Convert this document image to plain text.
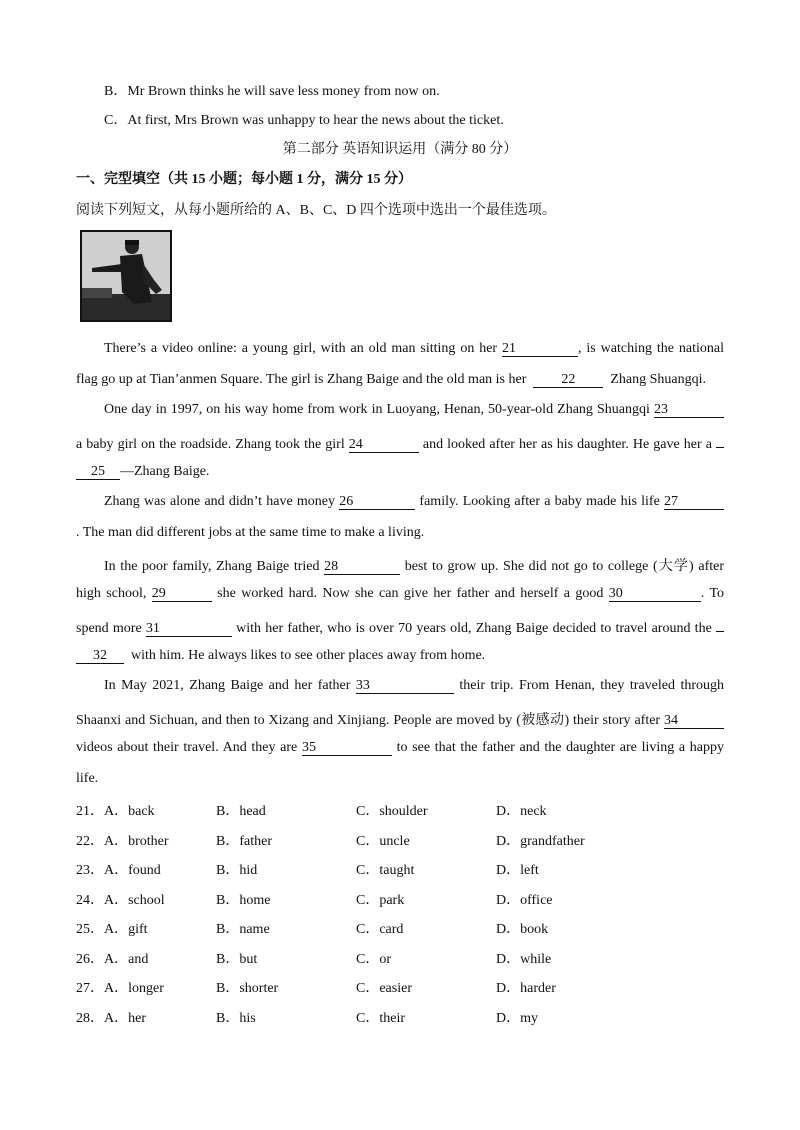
B．Mr Brown thinks he will save less money from now on.
C．At first, Mrs Brown was unhappy to hear the news about the ticket.
第二部分 英语知识运用（满分 80 分）
一、完型填空（共 15 小题；每小题 1 分，满分 15 分）
阅读下列短文，从每小题所给的 A、B、C、D 四个选项中选出一个最佳选项。
There’s a video online: a young girl, with an old man sitting on her 21	, is watching the national
flag go up at Tian’anmen Square. The girl is Zhang Baige and the old man is her	22	Zhang Shuangqi.
One day in 1997, on his way home from work in Luoyang, Henan, 50-year-old Zhang Shuangqi 23
a baby girl on the roadside. Zhang took the girl 24	and looked after her as his daughter. He gave her a
25 —Zhang Baige.
Zhang was alone and didn’t have money 26	family. Looking after a baby made his life 27
. The man did different jobs at the same time to make a living.
In the poor family, Zhang Baige tried 28	best to grow up. She did not go to college (大学) after
high school, 29	she worked hard. Now she can give her father and herself a good 30	. To
spend more 31	with her father, who is over 70 years old, Zhang Baige decided to travel around the
32 with him. He always likes to see other places away from home.
In May 2021, Zhang Baige and her father 33	their trip. From Henan, they traveled through
Shaanxi and Sichuan, and then to Xizang and Xinjiang. People are moved by (被感动) their story after 34
videos about their travel. And they are 35	to see that the father and the daughter are living a happy
life.
21． A．back	B．head	C．shoulder	D．neck
22． A．brother	B．father	C．uncle	D．grandfather
23． A．found	B．hid	C．taught	D．left
24． A．school	B．home	C．park	D．office
25． A．gift	B．name	C．card	D．book
26． A．and	B．but	C．or	D．while
27． A．longer	B．shorter	C．easier	D．harder
28． A．her	B．his	C．their	D．my
